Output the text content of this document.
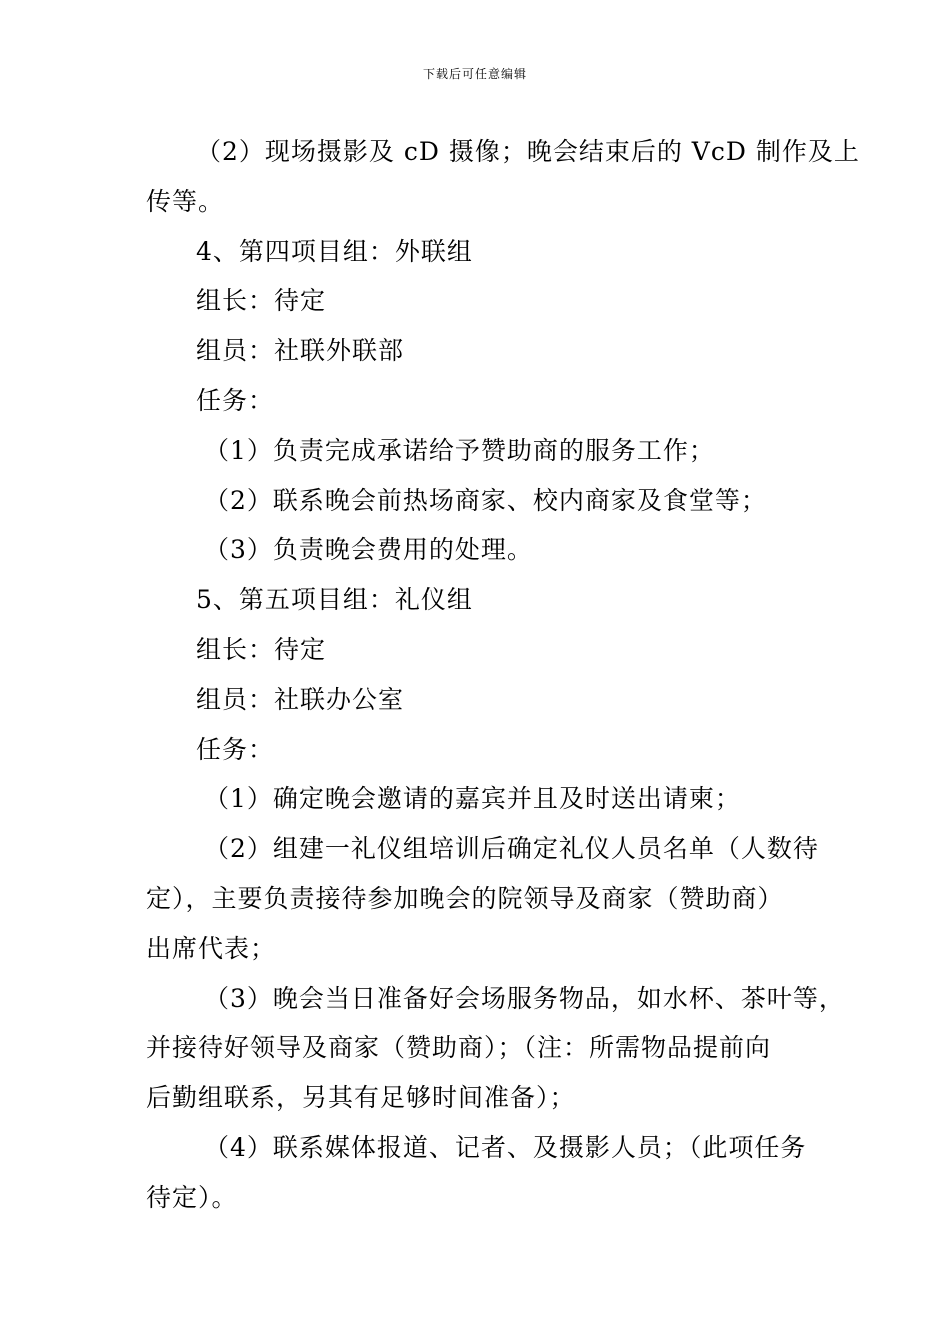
下载后可任意编辑

（2）现场摄影及 cD 摄像；晚会结束后的 VcD 制作及上

传等。

4、第四项目组：外联组

组长：待定

组员：社联外联部

任务：

（1）负责完成承诺给予赞助商的服务工作；

（2）联系晚会前热场商家、校内商家及食堂等；

（3）负责晚会费用的处理。

5、第五项目组：礼仪组

组长：待定

组员：社联办公室

任务：

（1）确定晚会邀请的嘉宾并且及时送出请柬；

（2）组建一礼仪组培训后确定礼仪人员名单（人数待

定），主要负责接待参加晚会的院领导及商家（赞助商）

出席代表；

（3）晚会当日准备好会场服务物品，如水杯、茶叶等，

并接待好领导及商家（赞助商）；（注：所需物品提前向

后勤组联系，另其有足够时间准备）；

（4）联系媒体报道、记者、及摄影人员；（此项任务

待定）。
